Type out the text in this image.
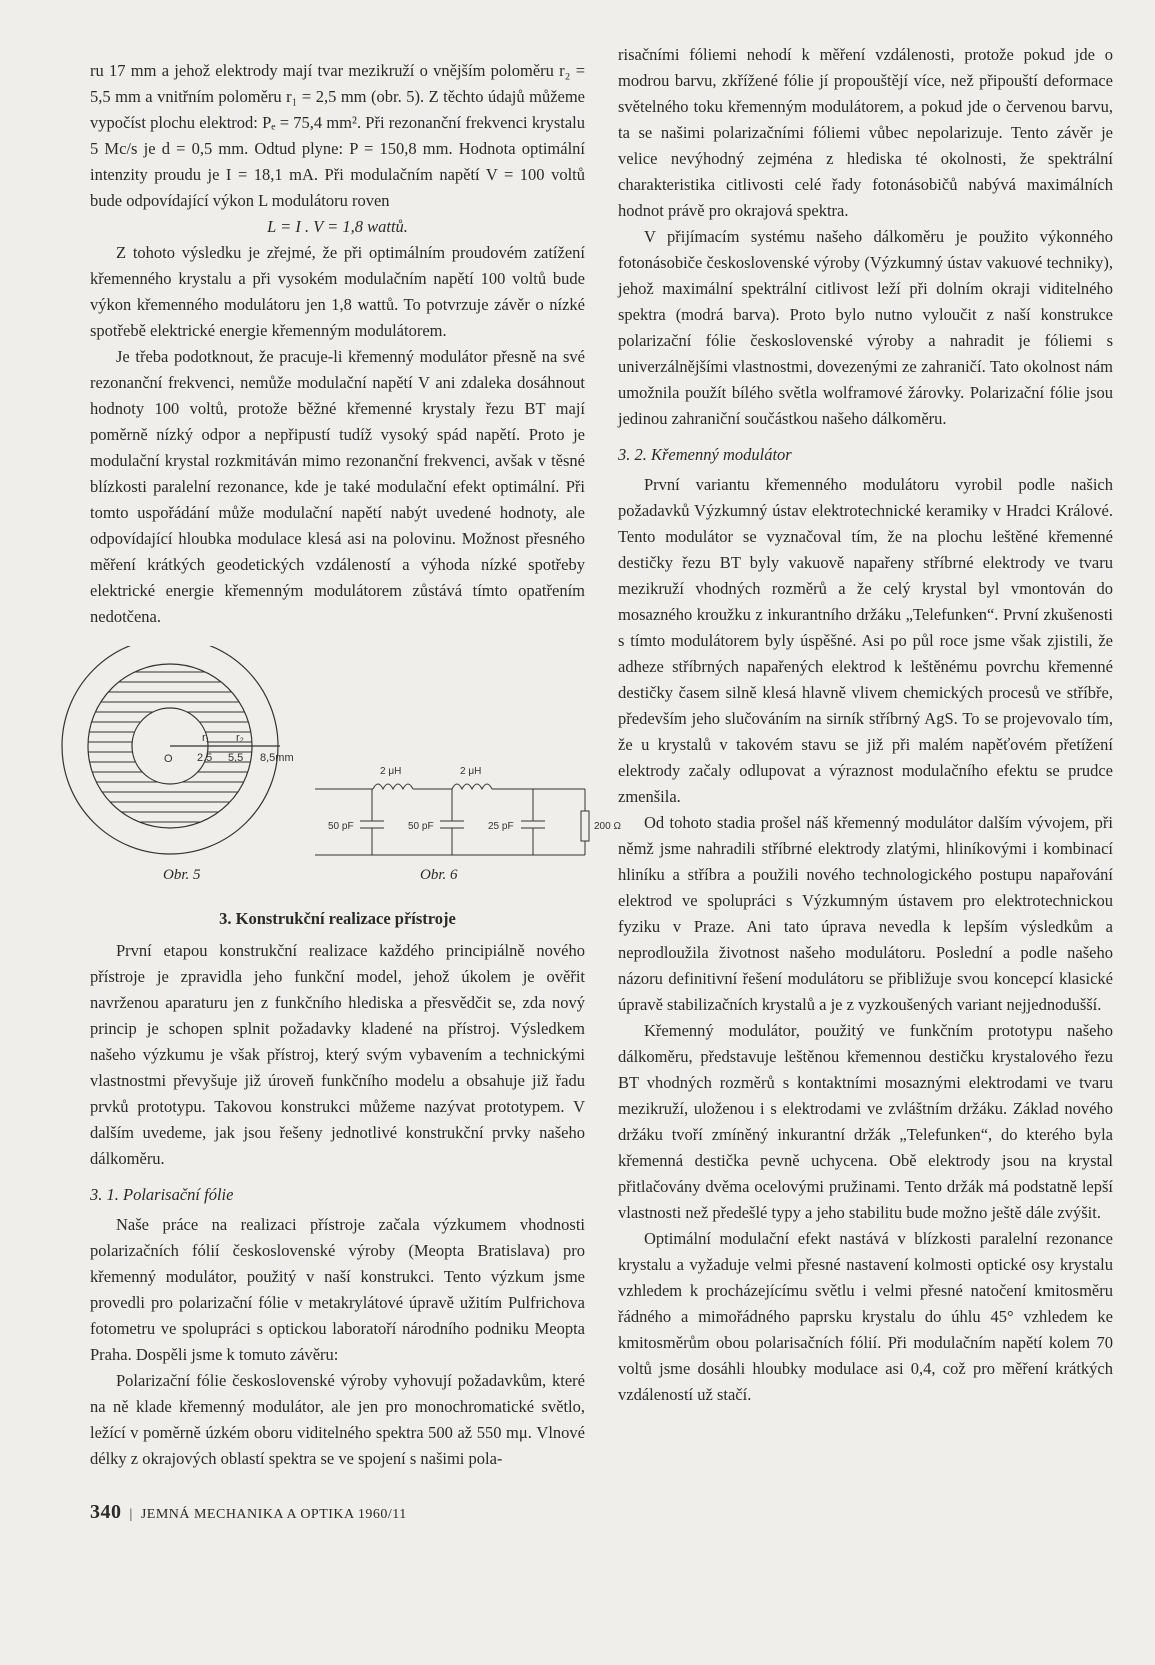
ru 17 mm a jehož elektrody mají tvar mezikruží o vnějším poloměru r₂ = 5,5 mm a vnitřním poloměru r₁ = 2,5 mm (obr. 5). Z těchto údajů můžeme vypočíst plochu elektrod: Pₑ = 75,4 mm². Při rezonanční frekvenci krystalu 5 Mc/s je d = 0,5 mm. Odtud plyne: P = 150,8 mm. Hodnota optimální intenzity proudu je I = 18,1 mA. Při modulačním napětí V = 100 voltů bude odpovídající výkon L modulátoru roven

L = I . V = 1,8 wattů.

Z tohoto výsledku je zřejmé, že při optimálním proudovém zatížení křemenného krystalu a při vysokém modulačním napětí 100 voltů bude výkon křemenného modulátoru jen 1,8 wattů. To potvrzuje závěr o nízké spotřebě elektrické energie křemenným modulátorem.

Je třeba podotknout, že pracuje-li křemenný modulátor přesně na své rezonanční frekvenci, nemůže modulační napětí V ani zdaleka dosáhnout hodnoty 100 voltů, protože běžné křemenné krystaly řezu BT mají poměrně nízký odpor a nepřipustí tudíž vysoký spád napětí. Proto je modulační krystal rozkmitáván mimo rezonanční frekvenci, avšak v těsné blízkosti paralelní rezonance, kde je také modulační efekt optimální. Při tomto uspořádání může modulační napětí nabýt uvedené hodnoty, ale odpovídající hloubka modulace klesá asi na polovinu. Možnost přesného měření krátkých geodetických vzdáleností a výhoda nízké spotřeby elektrické energie křemenným modulátorem zůstává tímto opatřením nedotčena.

O
r₁ r₂
2,5 5,5 8,5mm
2 μH	2 μH
50 pF	50 pF	25 pF	200 Ω
Obr. 5	Obr. 6
3. Konstrukční realizace přístroje

První etapou konstrukční realizace každého principiálně nového přístroje je zpravidla jeho funkční model, jehož úkolem je ověřit navrženou aparaturu jen z funkčního hlediska a přesvědčit se, zda nový princip je schopen splnit požadavky kladené na přístroj. Výsledkem našeho výzkumu je však přístroj, který svým vybavením a technickými vlastnostmi převyšuje již úroveň funkčního modelu a obsahuje již řadu prvků prototypu. Takovou konstrukci můžeme nazývat prototypem. V dalším uvedeme, jak jsou řešeny jednotlivé konstrukční prvky našeho dálkoměru.

3. 1. Polarisační fólie

Naše práce na realizaci přístroje začala výzkumem vhodnosti polarizačních fólií československé výroby (Meopta Bratislava) pro křemenný modulátor, použitý v naší konstrukci. Tento výzkum jsme provedli pro polarizační fólie v metakrylátové úpravě užitím Pulfrichova fotometru ve spolupráci s optickou laboratoří národního podniku Meopta Praha. Dospěli jsme k tomuto závěru:

Polarizační fólie československé výroby vyhovují požadavkům, které na ně klade křemenný modulátor, ale jen pro monochromatické světlo, ležící v poměrně úzkém oboru viditelného spektra 500 až 550 mμ. Vlnové délky z okrajových oblastí spektra se ve spojení s našimi pola-

340 |  JEMNÁ MECHANIKA A OPTIKA 1960/11

risačními fóliemi nehodí k měření vzdálenosti, protože pokud jde o modrou barvu, zkřížené fólie jí propouštějí více, než připouští deformace světelného toku křemenným modulátorem, a pokud jde o červenou barvu, ta se našimi polarizačními fóliemi vůbec nepolarizuje. Tento závěr je velice nevýhodný zejména z hlediska té okolnosti, že spektrální charakteristika citlivosti celé řady fotonásobičů nabývá maximálních hodnot právě pro okrajová spektra.

V přijímacím systému našeho dálkoměru je použito výkonného fotonásobiče československé výroby (Výzkumný ústav vakuové techniky), jehož maximální spektrální citlivost leží při dolním okraji viditelného spektra (modrá barva). Proto bylo nutno vyloučit z naší konstrukce polarizační fólie československé výroby a nahradit je fóliemi s univerzálnějšími vlastnostmi, dovezenými ze zahraničí. Tato okolnost nám umožnila použít bílého světla wolframové žárovky. Polarizační fólie jsou jedinou zahraniční součástkou našeho dálkoměru.

3. 2. Křemenný modulátor

První variantu křemenného modulátoru vyrobil podle našich požadavků Výzkumný ústav elektrotechnické keramiky v Hradci Králové. Tento modulátor se vyznačoval tím, že na plochu leštěné křemenné destičky řezu BT byly vakuově napařeny stříbrné elektrody ve tvaru mezikruží vhodných rozměrů a že celý krystal byl vmontován do mosazného kroužku z inkurantního držáku „Telefunken“. První zkušenosti s tímto modulátorem byly úspěšné. Asi po půl roce jsme však zjistili, že adheze stříbrných napařených elektrod k leštěnému povrchu křemenné destičky časem silně klesá hlavně vlivem chemických procesů ve stříbře, především jeho slučováním na sirník stříbrný AgS. To se projevovalo tím, že u krystalů v takovém stavu se již při malém napěťovém přetížení elektrody začaly odlupovat a výraznost modulačního efektu se prudce zmenšila.

Od tohoto stadia prošel náš křemenný modulátor dalším vývojem, při němž jsme nahradili stříbrné elektrody zlatými, hliníkovými i kombinací hliníku a stříbra a použili nového technologického postupu napařování elektrod ve spolupráci s Výzkumným ústavem pro elektrotechnickou fyziku v Praze. Ani tato úprava nevedla k lepším výsledkům a neprodloužila životnost našeho modulátoru. Poslední a podle našeho názoru definitivní řešení modulátoru se přibližuje svou koncepcí klasické úpravě stabilizačních krystalů a je z vyzkoušených variant nejjednodušší.

Křemenný modulátor, použitý ve funkčním prototypu našeho dálkoměru, představuje leštěnou křemennou destičku krystalového řezu BT vhodných rozměrů s kontaktními mosaznými elektrodami ve tvaru mezikruží, uloženou i s elektrodami ve zvláštním držáku. Základ nového držáku tvoří zmíněný inkurantní držák „Telefunken“, do kterého byla křemenná destička pevně uchycena. Obě elektrody jsou na krystal přitlačovány dvěma ocelovými pružinami. Tento držák má podstatně lepší vlastnosti než předešlé typy a jeho stabilitu bude možno ještě dále zvýšit.

Optimální modulační efekt nastává v blízkosti paralelní rezonance krystalu a vyžaduje velmi přesné nastavení kolmosti optické osy krystalu vzhledem k procházejícímu světlu i velmi přesné natočení kmitosměru řádného a mimořádného paprsku krystalu do úhlu 45° vzhledem ke kmitosměrům obou polarisačních fólií. Při modulačním napětí kolem 70 voltů jsme dosáhli hloubky modulace asi 0,4, což pro měření krátkých vzdáleností už stačí.
